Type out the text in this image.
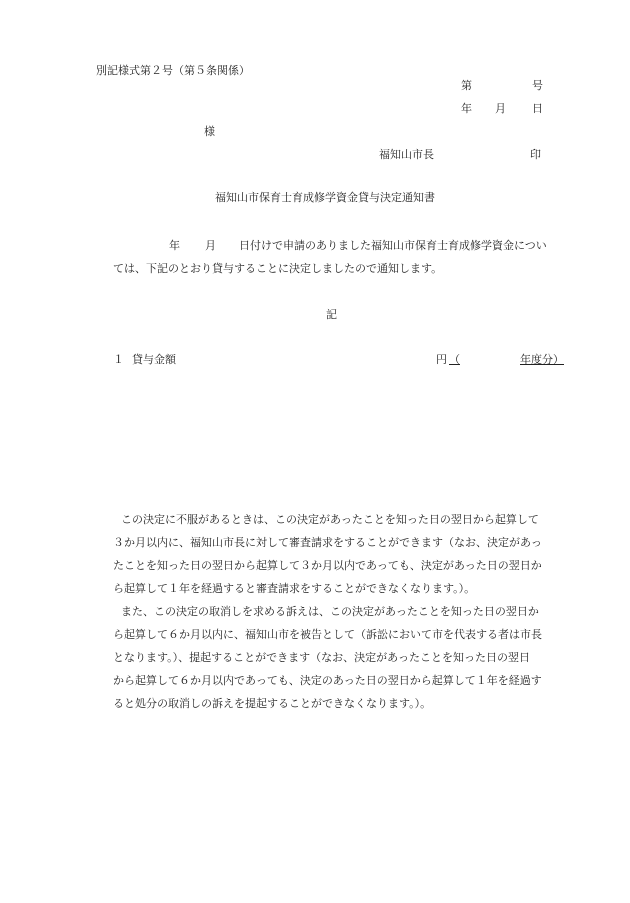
別記様式第２号（第５条関係）
第	号
年 月 日
様
福知山市長	印
福知山市保育士育成修学資金貸与決定通知書
年 月 日付けで申請のありました福知山市保育士育成修学資金につい
ては、下記のとおり貸与することに決定しましたので通知します。
記
１ 貸与金額	円 （	年度分）
この決定に不服があるときは、この決定があったことを知った日の翌日から起算して
３か月以内に、福知山市長に対して審査請求をすることができます（なお、決定があっ
たことを知った日の翌日から起算して３か月以内であっても、決定があった日の翌日か
ら起算して１年を経過すると審査請求をすることができなくなります。）。
また、この決定の取消しを求める訴えは、この決定があったことを知った日の翌日か
ら起算して６か月以内に、福知山市を被告として（訴訟において市を代表する者は市長
となります。）、提起することができます（なお、決定があったことを知った日の翌日
から起算して６か月以内であっても、決定のあった日の翌日から起算して１年を経過す
ると処分の取消しの訴えを提起することができなくなります。）。
